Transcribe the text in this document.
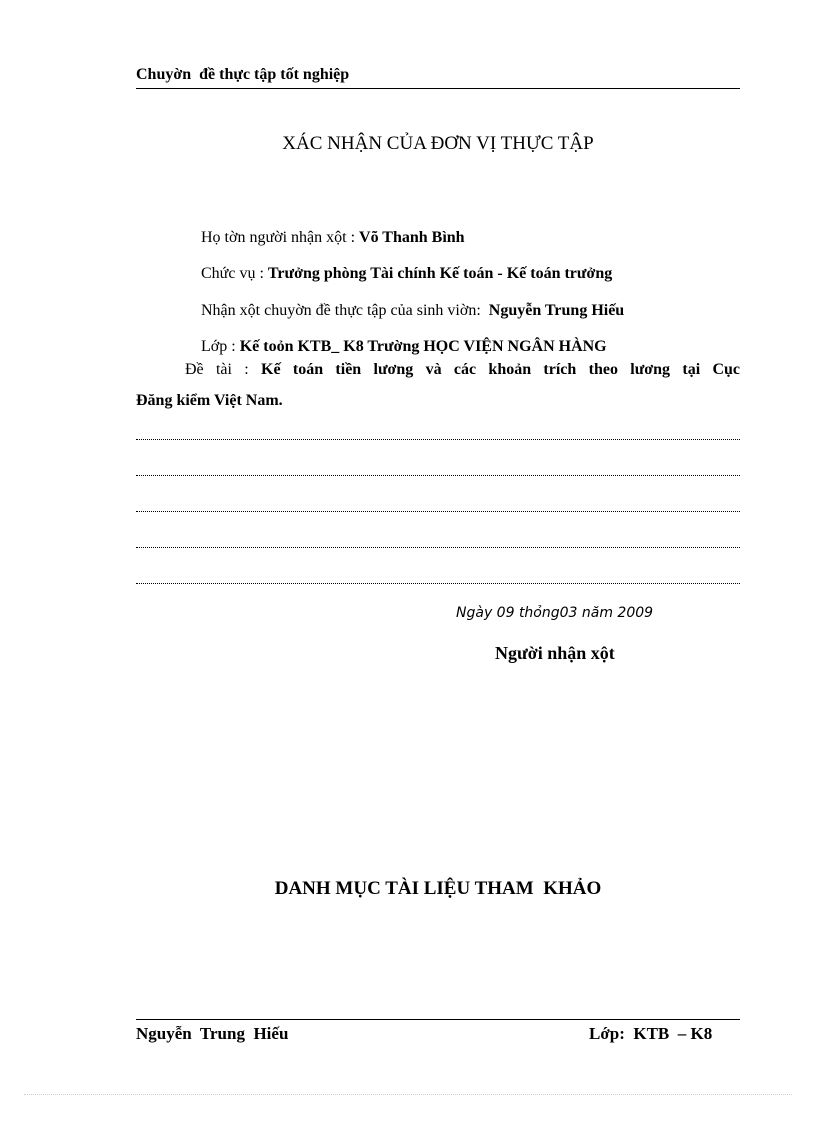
Chuyờn  đề thực tập tốt nghiệp
XÁC NHẬN CỦA ĐƠN VỊ THỰC TẬP

Họ tờn người nhận xột : Võ Thanh Bình

Chức vụ : Trưởng phòng Tài chính Kế toán - Kế toán trưởng

Nhận xột chuyờn đề thực tập của sinh viờn:  Nguyễn Trung Hiếu

Lớp : Kế toỏn KTB_ K8 Trường HỌC VIỆN NGÂN HÀNG

Đề tài : Kế toán tiền lương và các khoản trích theo lương tại Cục
Đăng kiểm Việt Nam.
Ngày 09 thỏng03 năm 2009
Người nhận xột
DANH MỤC TÀI LIỆU THAM  KHẢO
Nguyễn  Trung  Hiếu	Lớp:  KTB  – K8
